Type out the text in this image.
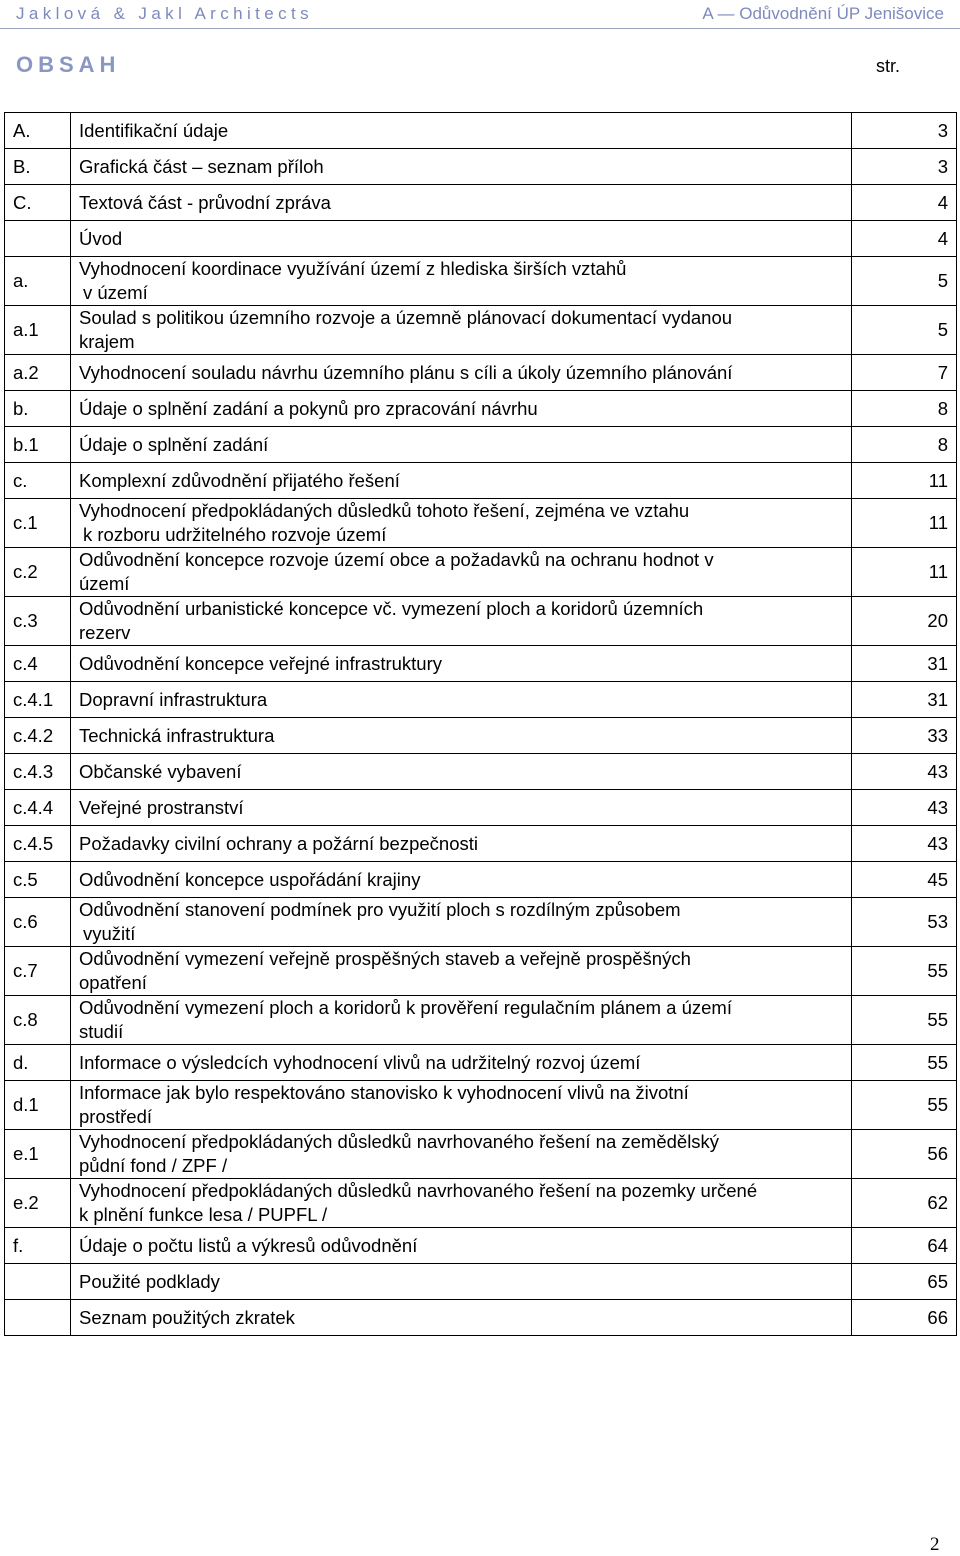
Jaklová & Jakl Architects	A — Odůvodnění ÚP Jenišovice
OBSAH	str.
A.	Identifikační údaje	3
B.	Grafická část – seznam příloh	3
C.	Textová část - průvodní zpráva	4

	Úvod	4
a.	Vyhodnocení koordinace využívání území z hlediska širších vztahů
v území	5
a.1	Soulad s politikou územního rozvoje a územně plánovací dokumentací vydanou
krajem	5
a.2	Vyhodnocení souladu návrhu územního plánu s cíli a úkoly územního plánování	7
b.	Údaje o splnění zadání a pokynů pro zpracování návrhu	8
b.1	Údaje o splnění zadání	8
c.	Komplexní zdůvodnění přijatého řešení	11
c.1	Vyhodnocení předpokládaných důsledků tohoto řešení, zejména ve vztahu
k rozboru udržitelného rozvoje území	11
c.2	Odůvodnění koncepce rozvoje území obce a požadavků na ochranu hodnot v
území	11
c.3	Odůvodnění urbanistické koncepce vč. vymezení ploch a koridorů územních
rezerv	20
c.4	Odůvodnění koncepce veřejné infrastruktury	31
c.4.1	Dopravní infrastruktura	31
c.4.2	Technická infrastruktura	33
c.4.3	Občanské vybavení	43
c.4.4	Veřejné prostranství	43
c.4.5	Požadavky civilní ochrany a požární bezpečnosti	43
c.5	Odůvodnění koncepce uspořádání krajiny	45
c.6	Odůvodnění stanovení podmínek pro využití ploch s rozdílným způsobem
využití	53
c.7	Odůvodnění vymezení veřejně prospěšných staveb a veřejně prospěšných
opatření	55
c.8	Odůvodnění vymezení ploch a koridorů k prověření regulačním plánem a území
studií	55
d.	Informace o výsledcích vyhodnocení vlivů na udržitelný rozvoj území	55
d.1	Informace jak bylo respektováno stanovisko k vyhodnocení vlivů na životní
prostředí	55
e.1	Vyhodnocení předpokládaných důsledků navrhovaného řešení na zemědělský
půdní fond / ZPF /	56
e.2	Vyhodnocení předpokládaných důsledků navrhovaného řešení na pozemky určené
k plnění funkce lesa / PUPFL /	62
f.	Údaje o počtu listů a výkresů odůvodnění	64

	Použité podklady	65

	Seznam použitých zkratek	66
2
